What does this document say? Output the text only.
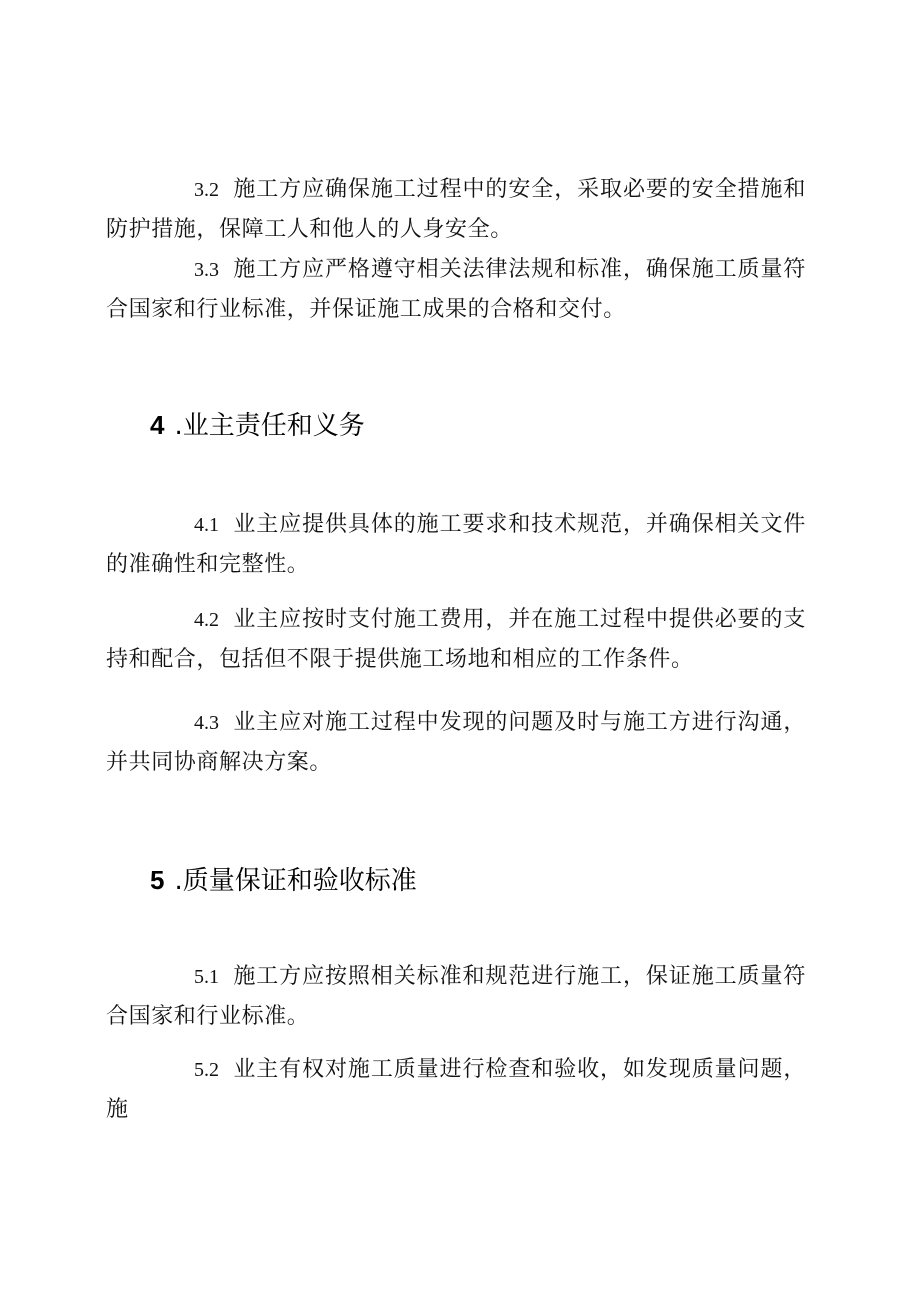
3.2 施工方应确保施工过程中的安全，采取必要的安全措施和防护措施，保障工人和他人的人身安全。

3.3 施工方应严格遵守相关法律法规和标准，确保施工质量符合国家和行业标准，并保证施工成果的合格和交付。

4 .业主责任和义务

4.1 业主应提供具体的施工要求和技术规范，并确保相关文件的准确性和完整性。

4.2 业主应按时支付施工费用，并在施工过程中提供必要的支持和配合，包括但不限于提供施工场地和相应的工作条件。

4.3 业主应对施工过程中发现的问题及时与施工方进行沟通，并共同协商解决方案。

5 .质量保证和验收标准

5.1 施工方应按照相关标准和规范进行施工，保证施工质量符合国家和行业标准。

5.2 业主有权对施工质量进行检查和验收，如发现质量问题，施
